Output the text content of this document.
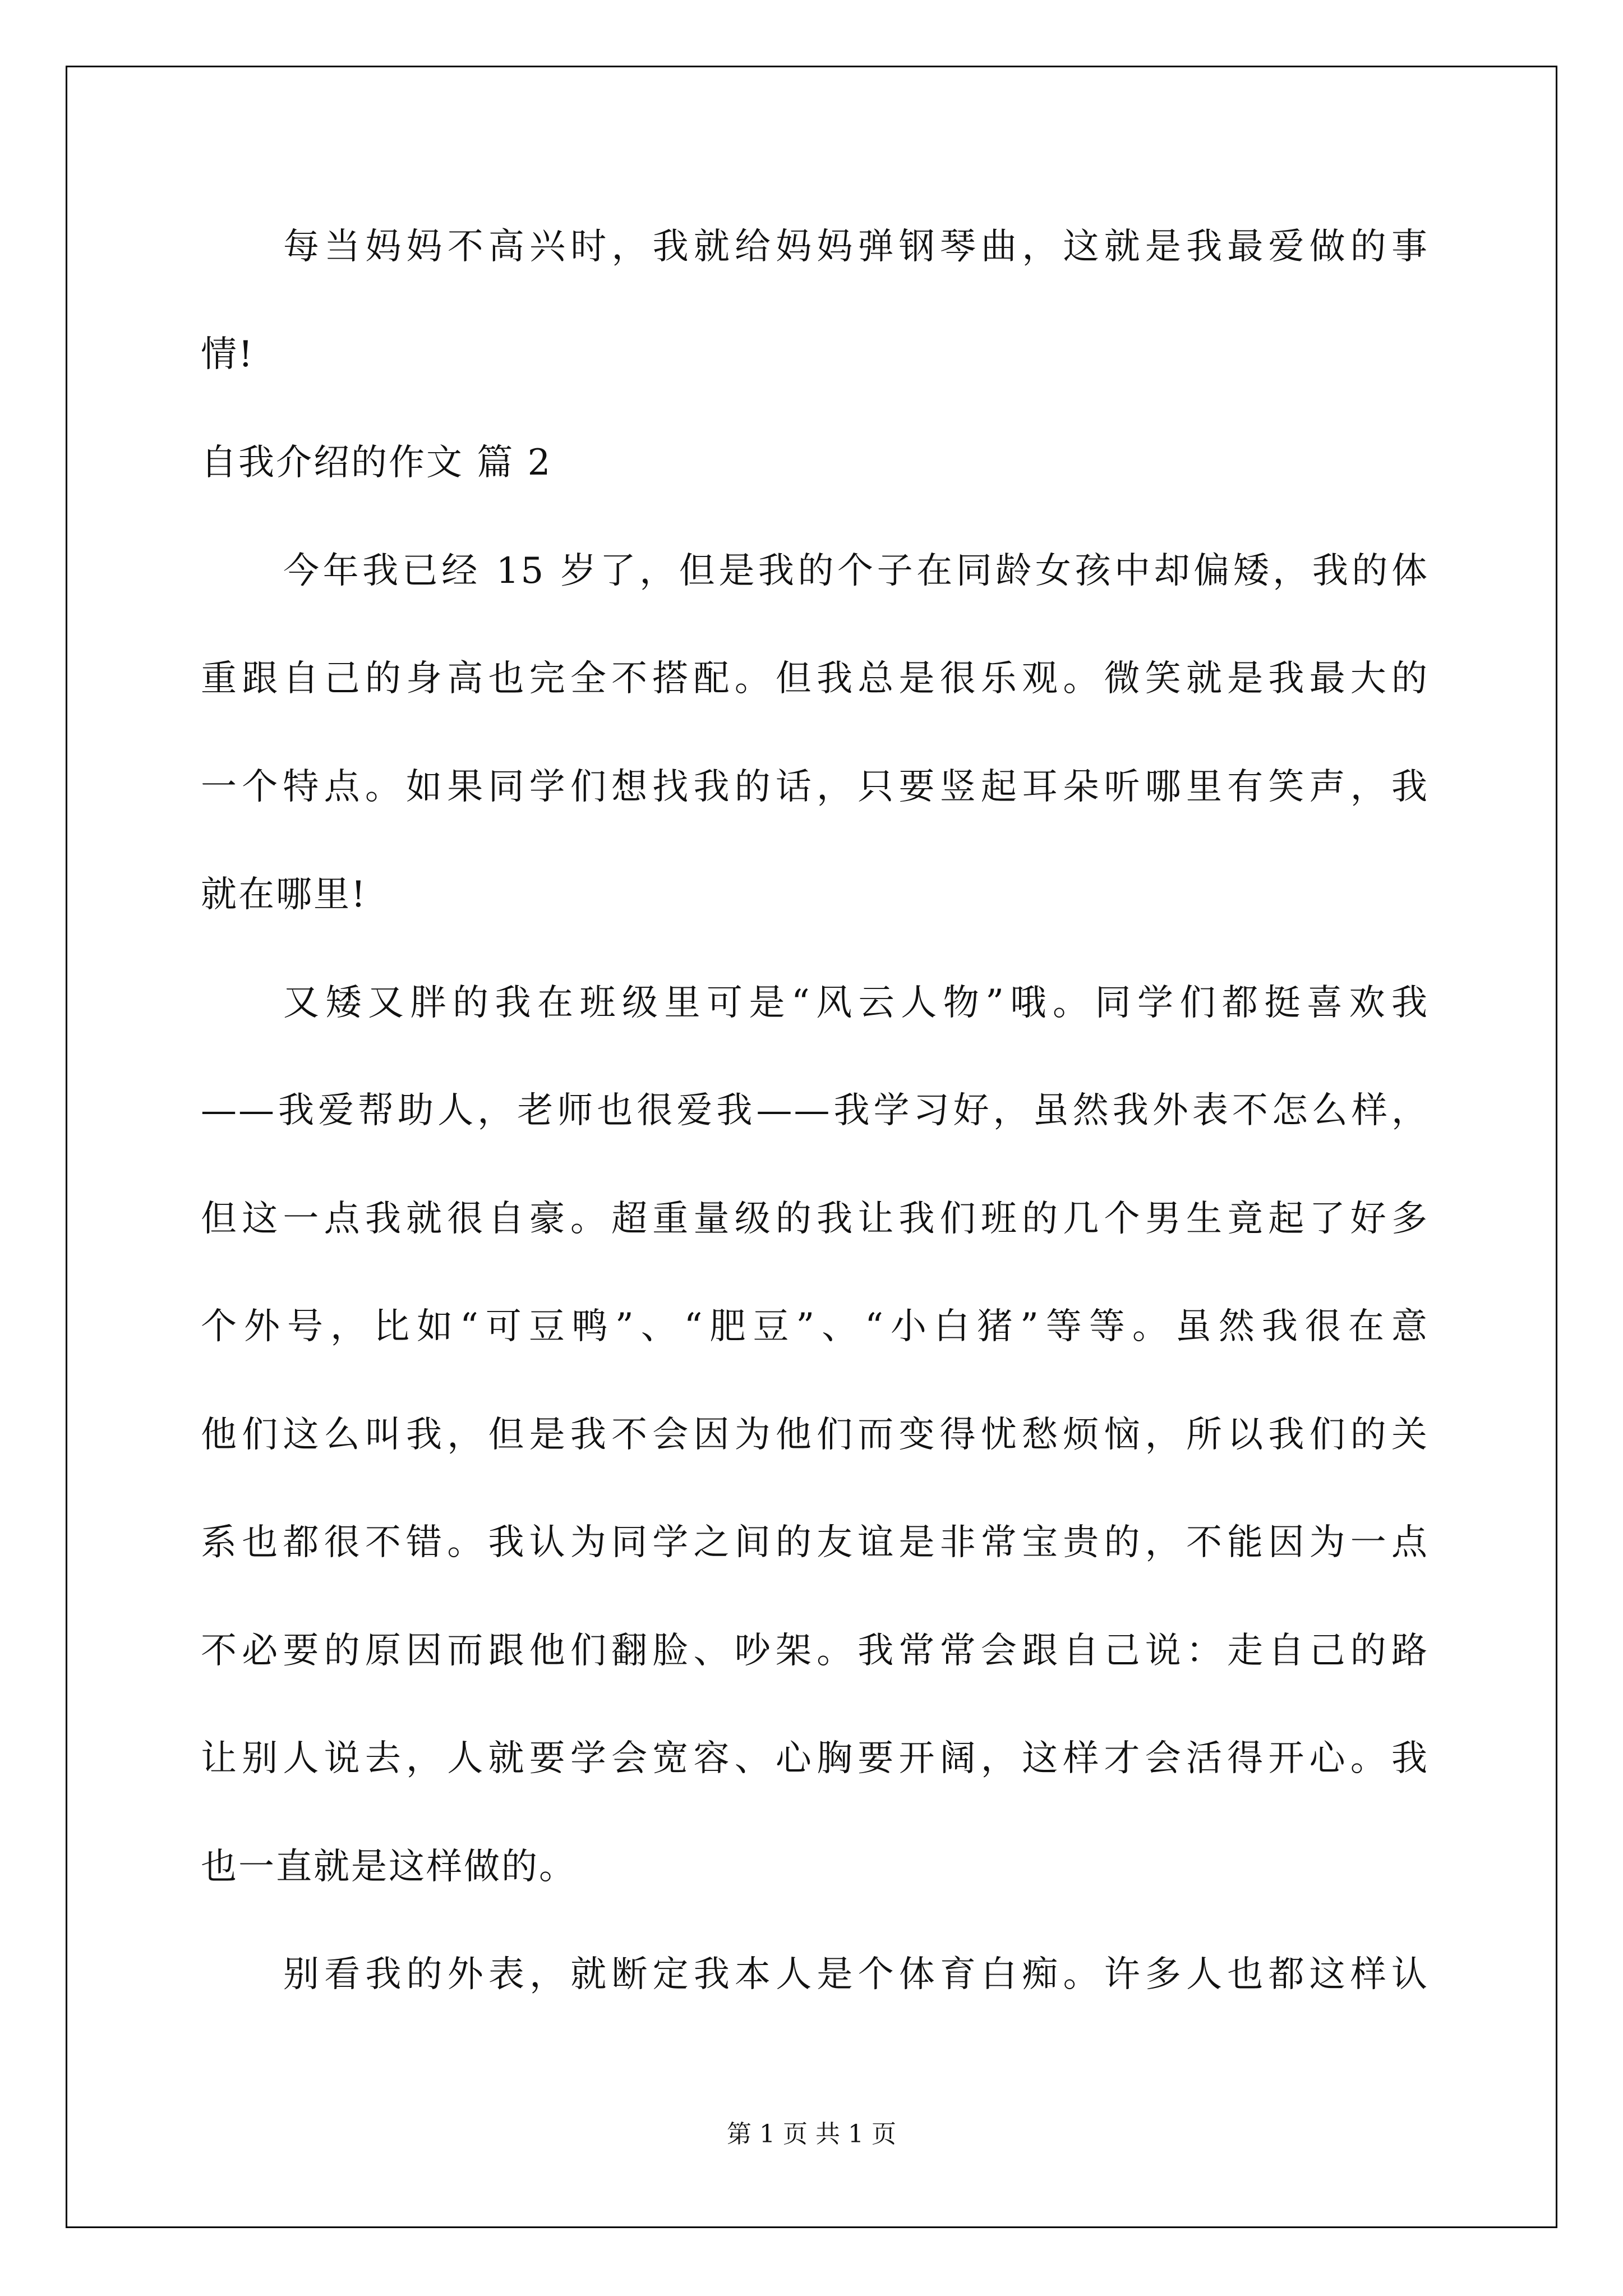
每当妈妈不高兴时，我就给妈妈弹钢琴曲，这就是我最爱做的事
情!
自我介绍的作文 篇 2
今年我已经 15 岁了，但是我的个子在同龄女孩中却偏矮，我的体
重跟自己的身高也完全不搭配。但我总是很乐观。微笑就是我最大的
一个特点。如果同学们想找我的话，只要竖起耳朵听哪里有笑声，我
就在哪里!
又矮又胖的我在班级里可是“风云人物”哦。同学们都挺喜欢我
——我爱帮助人，老师也很爱我——我学习好，虽然我外表不怎么样，
但这一点我就很自豪。超重量级的我让我们班的几个男生竟起了好多
个外号，比如“可豆鸭”、“肥豆”、“小白猪”等等。虽然我很在意
他们这么叫我，但是我不会因为他们而变得忧愁烦恼，所以我们的关
系也都很不错。我认为同学之间的友谊是非常宝贵的，不能因为一点
不必要的原因而跟他们翻脸、吵架。我常常会跟自己说：走自己的路
让别人说去，人就要学会宽容、心胸要开阔，这样才会活得开心。我
也一直就是这样做的。
别看我的外表，就断定我本人是个体育白痴。许多人也都这样认
第 1 页 共 1 页
